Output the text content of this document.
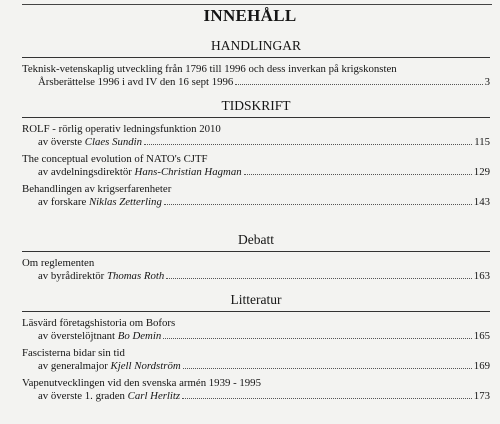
INNEHÅLL
HANDLINGAR
Teknisk-vetenskaplig utveckling från 1796 till 1996 och dess inverkan på krigskonsten
Årsberättelse 1996 i avd IV den 16 sept 1996	3
TIDSKRIFT
ROLF - rörlig operativ ledningsfunktion 2010
av överste Claes Sundin	115
The conceptual evolution of NATO's CJTF
av avdelningsdirektör Hans-Christian Hagman	129
Behandlingen av krigserfarenheter
av forskare Niklas Zetterling	143
Debatt
Om reglementen
av byrådirektör Thomas Roth	163
Litteratur
Läsvärd företagshistoria om Bofors
av överstelöjtnant Bo Demin	165
Fascisterna bidar sin tid
av generalmajor Kjell Nordström	169
Vapenutvecklingen vid den svenska armén 1939 - 1995
av överste 1. graden Carl Herlitz	173
